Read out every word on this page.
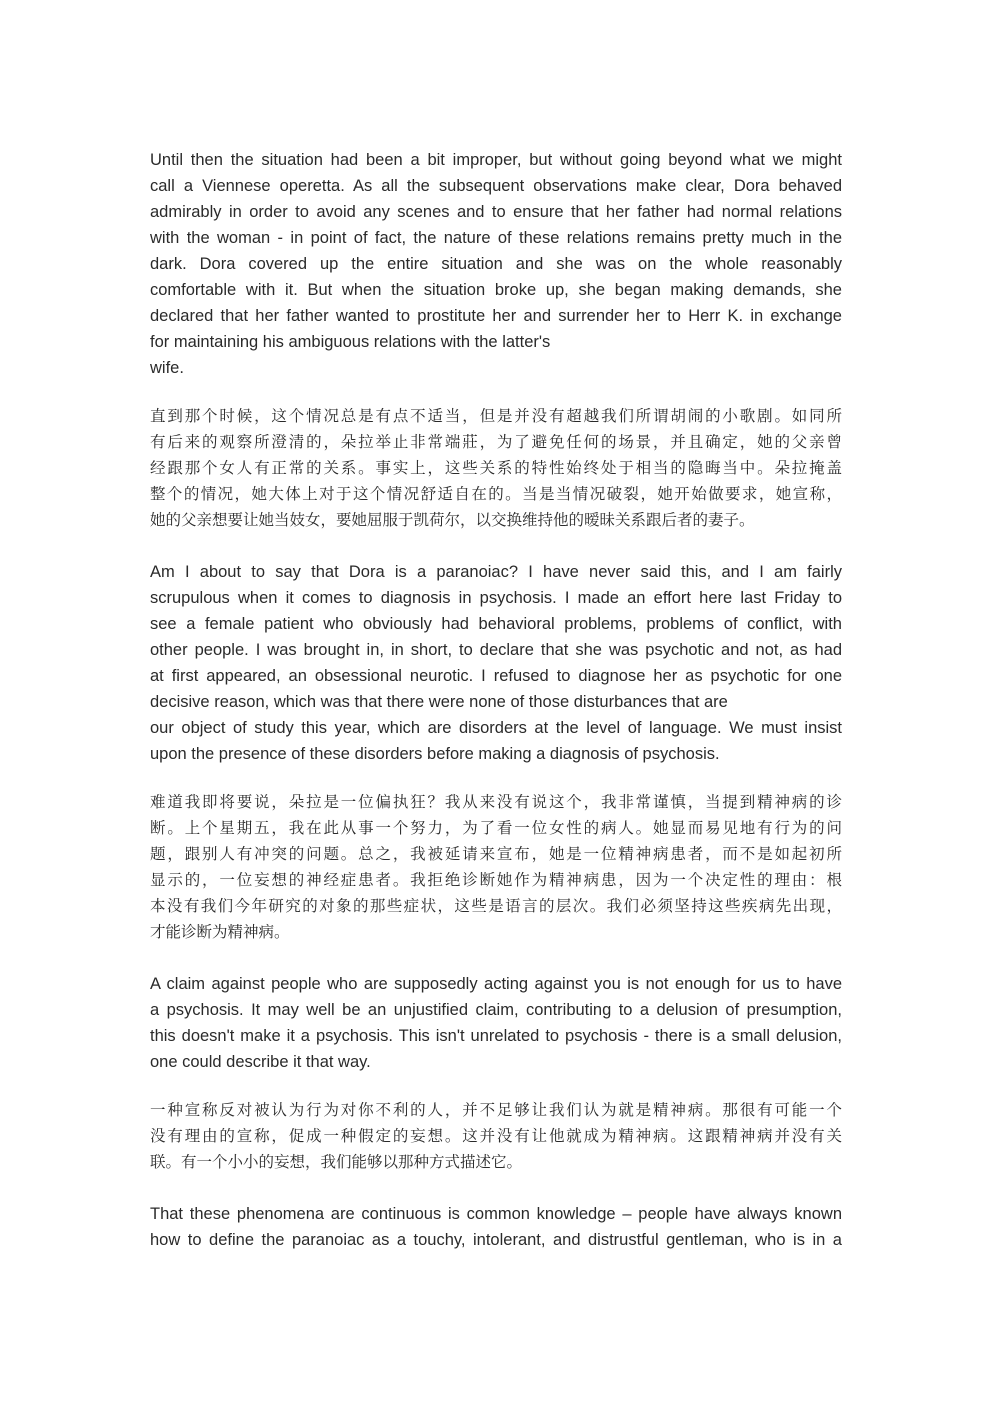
Until then the situation had been a bit improper, but without going beyond what we might
call a Viennese operetta. As all the subsequent observations make clear, Dora behaved
admirably in order to avoid any scenes and to ensure that her father had normal relations
with the woman - in point of fact, the nature of these relations remains pretty much in the
dark. Dora covered up the entire situation and she was on the whole reasonably
comfortable with it. But when the situation broke up, she began making demands, she
declared that her father wanted to prostitute her and surrender her to Herr K. in exchange
for maintaining his ambiguous relations with the latter's
wife.
直到那个时候，这个情况总是有点不适当，但是并没有超越我们所谓胡闹的小歌剧。如同所
有后来的观察所澄清的，朵拉举止非常端莊，为了避免任何的场景，并且确定，她的父亲曾
经跟那个女人有正常的关系。事实上，这些关系的特性始终处于相当的隐晦当中。朵拉掩盖
整个的情况，她大体上对于这个情况舒适自在的。当是当情况破裂，她开始做要求，她宣称，
她的父亲想要让她当妓女，要她屈服于凯荷尔，以交换维持他的暧昧关系跟后者的妻子。
Am I about to say that Dora is a paranoiac? I have never said this, and I am fairly
scrupulous when it comes to diagnosis in psychosis. I made an effort here last Friday to
see a female patient who obviously had behavioral problems, problems of conflict, with
other people. I was brought in, in short, to declare that she was psychotic and not, as had
at first appeared, an obsessional neurotic. I refused to diagnose her as psychotic for one
decisive reason, which was that there were none of those disturbances that are
our object of study this year, which are disorders at the level of language. We must insist
upon the presence of these disorders before making a diagnosis of psychosis.
难道我即将要说，朵拉是一位偏执狂？我从来没有说这个，我非常谨慎，当提到精神病的诊
断。上个星期五，我在此从事一个努力，为了看一位女性的病人。她显而易见地有行为的问
题，跟别人有冲突的问题。总之，我被延请来宣布，她是一位精神病患者，而不是如起初所
显示的，一位妄想的神经症患者。我拒绝诊断她作为精神病患，因为一个决定性的理由：根
本没有我们今年研究的对象的那些症状，这些是语言的层次。我们必须坚持这些疾病先出现，
才能诊断为精神病。
A claim against people who are supposedly acting against you is not enough for us to have
a psychosis. It may well be an unjustified claim, contributing to a delusion of presumption,
this doesn't make it a psychosis. This isn't unrelated to psychosis - there is a small delusion,
one could describe it that way.
一种宣称反对被认为行为对你不利的人，并不足够让我们认为就是精神病。那很有可能一个
没有理由的宣称，促成一种假定的妄想。这并没有让他就成为精神病。这跟精神病并没有关
联。有一个小小的妄想，我们能够以那种方式描述它。
That these phenomena are continuous is common knowledge – people have always known
how to define the paranoiac as a touchy, intolerant, and distrustful gentleman, who is in a
